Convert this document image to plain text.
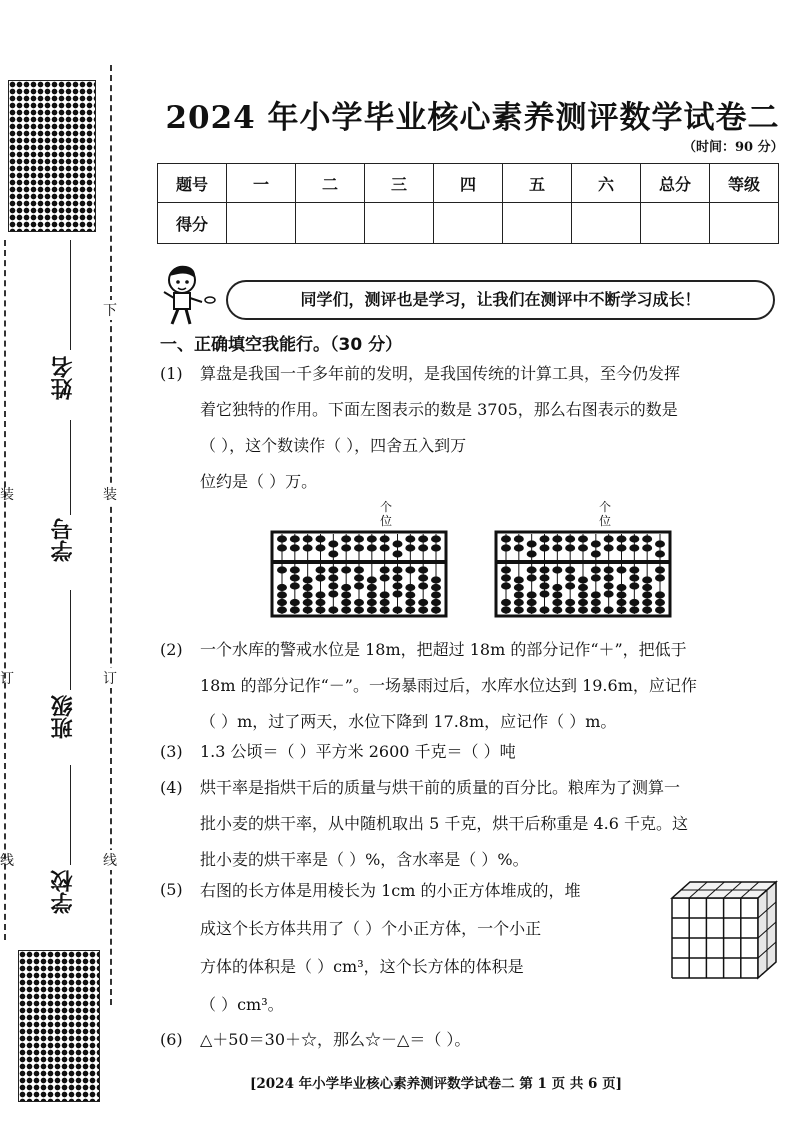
姓名
学号
班级
学校
装
订
线
下
装
订
线
2024 年小学毕业核心素养测评数学试卷二
（时间：90 分）
题号	一	二	三	四	五	六	总分	等级
得分								
同学们，测评也是学习，让我们在测评中不断学习成长！
一、正确填空我能行。（30 分）
(1) 算盘是我国一千多年前的发明，是我国传统的计算工具，至今仍发挥
着它独特的作用。下面左图表示的数是 3705，那么右图表示的数是
（ ），这个数读作（ ），四舍五入到万
位约是（ ）万。
个位
个位
(2) 一个水库的警戒水位是 18m，把超过 18m 的部分记作“＋”，把低于
18m 的部分记作“－”。一场暴雨过后，水库水位达到 19.6m，应记作
（ ）m，过了两天，水位下降到 17.8m，应记作（ ）m。
(3) 1.3 公顷＝（ ）平方米 2600 千克＝（ ）吨
(4) 烘干率是指烘干后的质量与烘干前的质量的百分比。粮库为了测算一
批小麦的烘干率，从中随机取出 5 千克，烘干后称重是 4.6 千克。这
批小麦的烘干率是（ ）%，含水率是（ ）%。
(5) 右图的长方体是用棱长为 1cm 的小正方体堆成的，堆
成这个长方体共用了（ ）个小正方体，一个小正
方体的体积是（ ）cm³，这个长方体的体积是
（ ）cm³。
(6) △＋50＝30＋☆，那么☆－△＝（ ）。
[2024 年小学毕业核心素养测评数学试卷二 第 1 页 共 6 页]
